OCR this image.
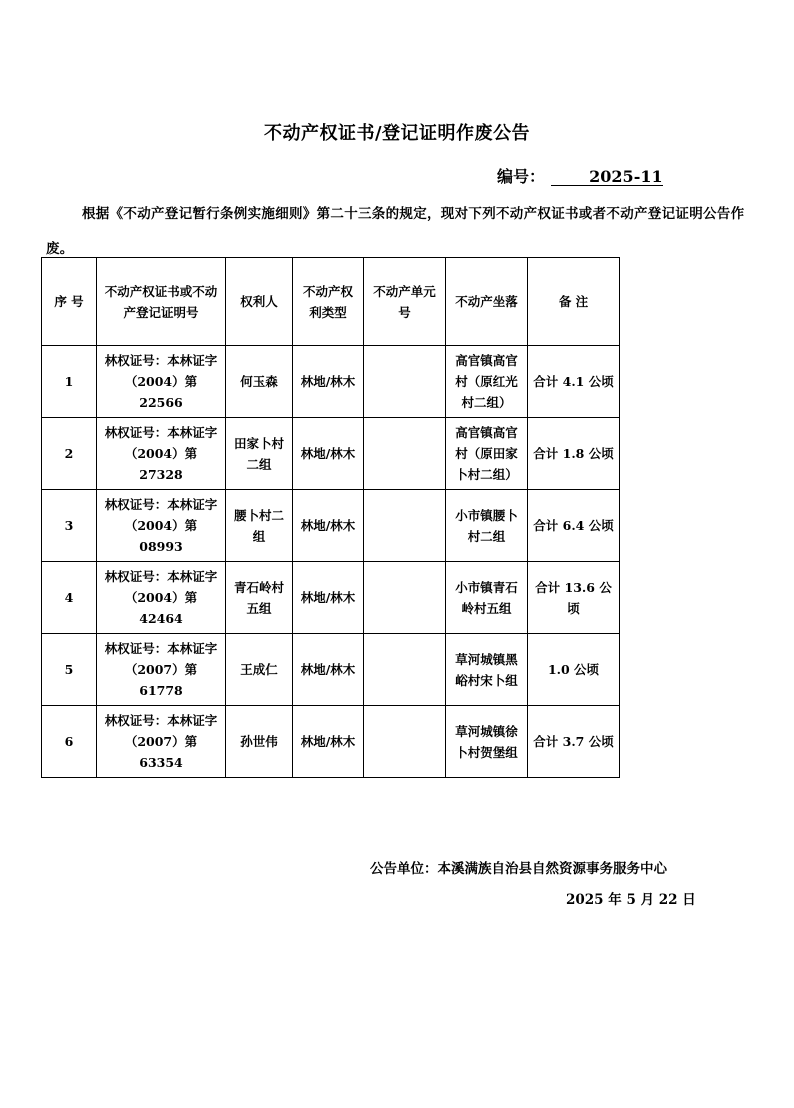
不动产权证书/登记证明作废公告
编号：	2025-11
根据《不动产登记暂行条例实施细则》第二十三条的规定，现对下列不动产权证书或者不动产登记证明公告作废。
序 号	不动产权证书或不动产登记证明号	权利人	不动产权利类型	不动产单元号	不动产坐落	备 注
1	林权证号：本林证字（2004）第 22566	何玉森	林地/林木		高官镇高官村（原红光村二组）	合计 4.1 公顷
2	林权证号：本林证字（2004）第 27328	田家卜村二组	林地/林木		高官镇高官村（原田家卜村二组）	合计 1.8 公顷
3	林权证号：本林证字（2004）第 08993	腰卜村二组	林地/林木		小市镇腰卜村二组	合计 6.4 公顷
4	林权证号：本林证字（2004）第 42464	青石岭村五组	林地/林木		小市镇青石岭村五组	合计 13.6 公顷
5	林权证号：本林证字（2007）第 61778	王成仁	林地/林木		草河城镇黑峪村宋卜组	1.0 公顷
6	林权证号：本林证字（2007）第 63354	孙世伟	林地/林木		草河城镇徐卜村贺堡组	合计 3.7 公顷
公告单位：本溪满族自治县自然资源事务服务中心
2025 年 5 月 22 日
